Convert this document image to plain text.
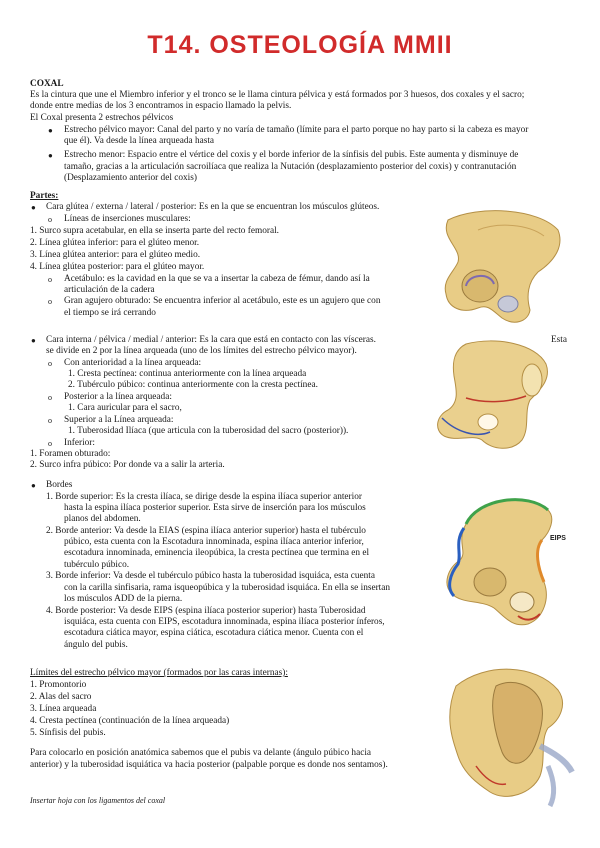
T14. OSTEOLOGÍA MMII
COXAL
Es la cintura que une el Miembro inferior y el tronco se le llama cintura pélvica y está formados por 3 huesos, dos coxales y el sacro;
donde entre medias de los 3 encontramos in espacio llamado la pelvis.
El Coxal presenta 2 estrechos pélvicos
● Estrecho pélvico mayor: Canal del parto y no varía de tamaño (límite para el parto porque no hay parto si la cabeza es mayor
que él). Va desde la línea arqueada hasta
● Estrecho menor: Espacio entre el vértice del coxis y el borde inferior de la sínfisis del pubis. Este aumenta y disminuye de
tamaño, gracias a la articulación sacroilíaca que realiza la Nutación (desplazamiento posterior del coxis) y contranutación
(Desplazamiento anterior del coxis)
Partes:
● Cara glútea / externa / lateral / posterior: Es en la que se encuentran los músculos glúteos.
o Líneas de inserciones musculares:
1. Surco supra acetabular, en ella se inserta parte del recto femoral.
2. Línea glútea inferior: para el glúteo menor.
3. Línea glútea anterior: para el glúteo medio.
4. Línea glútea posterior: para el glúteo mayor.
o Acetábulo: es la cavidad en la que se va a insertar la cabeza de fémur, dando así la
articulación de la cadera
o Gran agujero obturado: Se encuentra inferior al acetábulo, este es un agujero que con
el tiempo se irá cerrando
● Cara interna / pélvica / medial / anterior: Es la cara que está en contacto con las vísceras.	Esta
se divide en 2 por la línea arqueada (uno de los límites del estrecho pélvico mayor).
o Con anterioridad a la línea arqueada:
1. Cresta pectínea: continua anteriormente con la línea arqueada
2. Tubérculo púbico: continua anteriormente con la cresta pectínea.
o Posterior a la línea arqueada:
1. Cara auricular para el sacro,
o Superior a la Línea arqueada:
1. Tuberosidad Ilíaca (que articula con la tuberosidad del sacro (posterior)).
o Inferior:
1. Foramen obturado:
2. Surco infra púbico: Por donde va a salir la arteria.
● Bordes
1. Borde superior: Es la cresta ilíaca, se dirige desde la espina ilíaca superior anterior
hasta la espina ilíaca posterior superior. Esta sirve de inserción para los músculos
planos del abdomen.
2. Borde anterior: Va desde la EIAS (espina ilíaca anterior superior) hasta el tubérculo
púbico, esta cuenta con la Escotadura innominada, espina ilíaca anterior inferior,
escotadura innominada, eminencia ileopúbica, la cresta pectínea que termina en el
tubérculo púbico.
3. Borde inferior: Va desde el tubérculo púbico hasta la tuberosidad isquiáca, esta cuenta
con la carilla sinfisaria, rama isqueopúbica y la tuberosidad isquiáca. En ella se insertan
los músculos ADD de la pierna.
4. Borde posterior: Va desde EIPS (espina ilíaca posterior superior) hasta Tuberosidad
isquiáca, esta cuenta con EIPS, escotadura innominada, espina ilíaca posterior ínferos,
escotadura ciática mayor, espina ciática, escotadura ciática menor. Cuenta con el
ángulo del pubis.
Límites del estrecho pélvico mayor (formados por las caras internas):
1. Promontorio
2. Alas del sacro
3. Línea arqueada
4. Cresta pectínea (continuación de la línea arqueada)
5. Sínfisis del pubis.
Para colocarlo en posición anatómica sabemos que el pubis va delante (ángulo púbico hacia
anterior) y la tuberosidad isquiática va hacia posterior (palpable porque es donde nos sentamos).
Insertar hoja con los ligamentos del coxal
EIPS
